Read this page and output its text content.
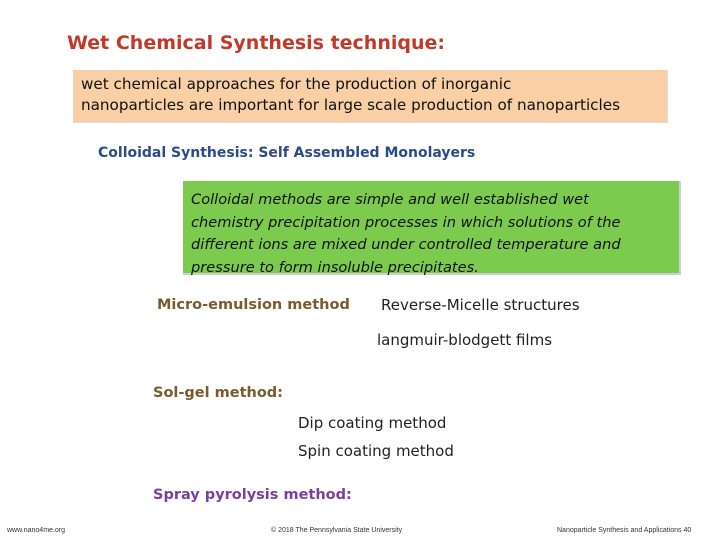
Wet Chemical Synthesis technique:

wet chemical approaches for the production of inorganic
nanoparticles are important for large scale production of nanoparticles

Colloidal Synthesis: Self Assembled Monolayers

Colloidal methods are simple and well established wet
chemistry precipitation processes in which solutions of the
different ions are mixed under controlled temperature and
pressure to form insoluble precipitates.

Micro-emulsion method Reverse-Micelle structures
langmuir-blodgett films
Sol-gel method:
Dip coating method
Spin coating method
Spray pyrolysis method:
www.nano4me.org	© 2018 The Pennsylvania State University	Nanoparticle Synthesis and Applications 40
